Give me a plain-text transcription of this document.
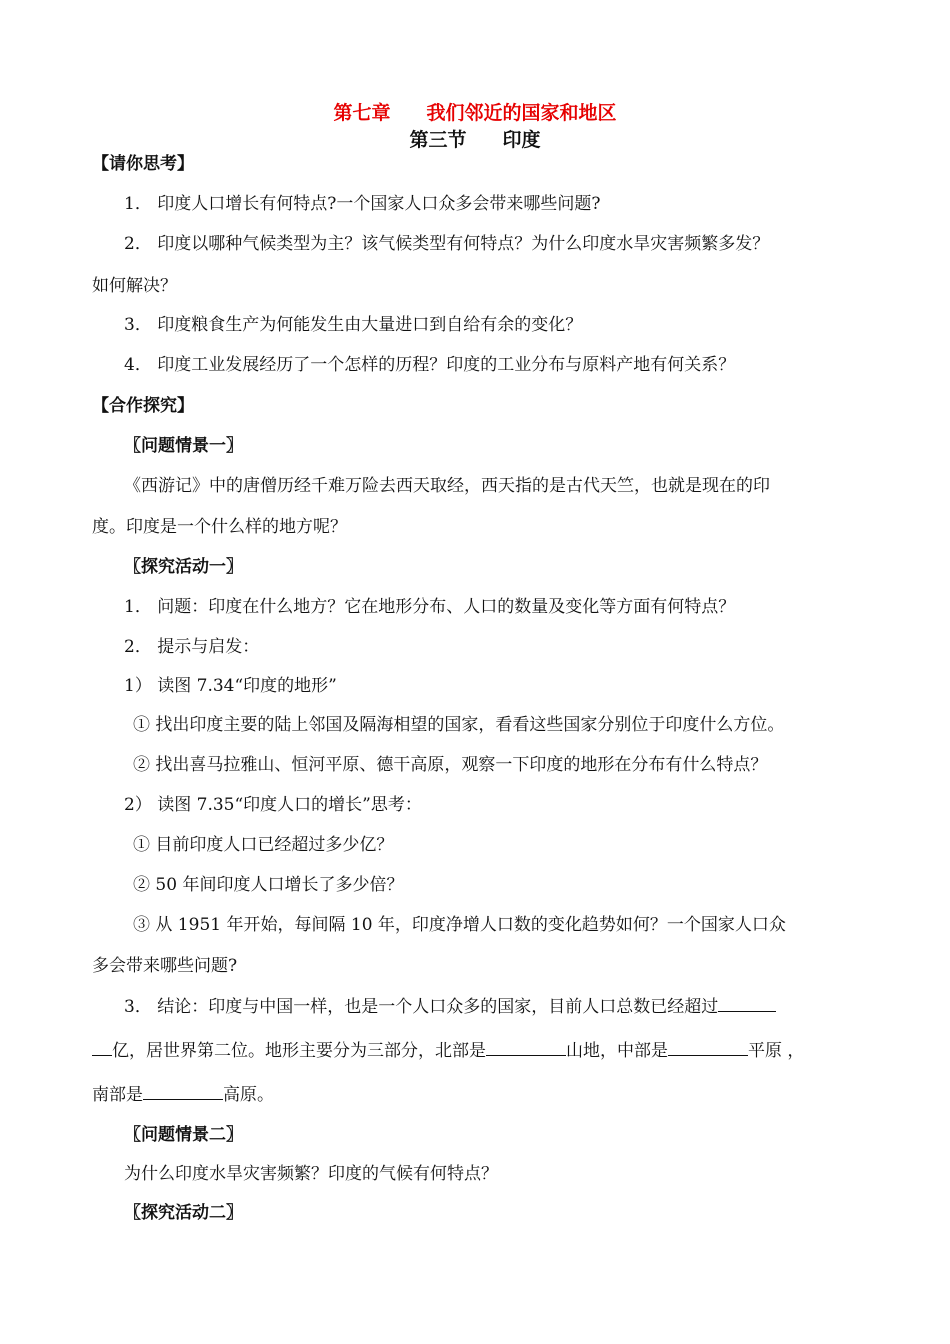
第七章 我们邻近的国家和地区
第三节 印度
【请你思考】
1． 印度人口增长有何特点?一个国家人口众多会带来哪些问题?
2． 印度以哪种气候类型为主？该气候类型有何特点？为什么印度水旱灾害频繁多发？
如何解决？
3． 印度粮食生产为何能发生由大量进口到自给有余的变化？
4． 印度工业发展经历了一个怎样的历程？印度的工业分布与原料产地有何关系？
【合作探究】
〖问题情景一〗
《西游记》中的唐僧历经千难万险去西天取经，西天指的是古代天竺，也就是现在的印
度。印度是一个什么样的地方呢？
〖探究活动一〗
1． 问题：印度在什么地方？它在地形分布、人口的数量及变化等方面有何特点？
2． 提示与启发：
1） 读图 7.34“印度的地形”
① 找出印度主要的陆上邻国及隔海相望的国家，看看这些国家分别位于印度什么方位。
② 找出喜马拉雅山、恒河平原、德干高原，观察一下印度的地形在分布有什么特点？
2） 读图 7.35“印度人口的增长”思考：
① 目前印度人口已经超过多少亿？
② 50 年间印度人口增长了多少倍？
③ 从 1951 年开始，每间隔 10 年，印度净增人口数的变化趋势如何？一个国家人口众
多会带来哪些问题?
3． 结论：印度与中国一样，也是一个人口众多的国家，目前人口总数已经超过
亿，居世界第二位。地形主要分为三部分，北部是	山地，中部是	平原 ，
南部是	高原。
〖问题情景二〗
为什么印度水旱灾害频繁？印度的气候有何特点？
〖探究活动二〗
